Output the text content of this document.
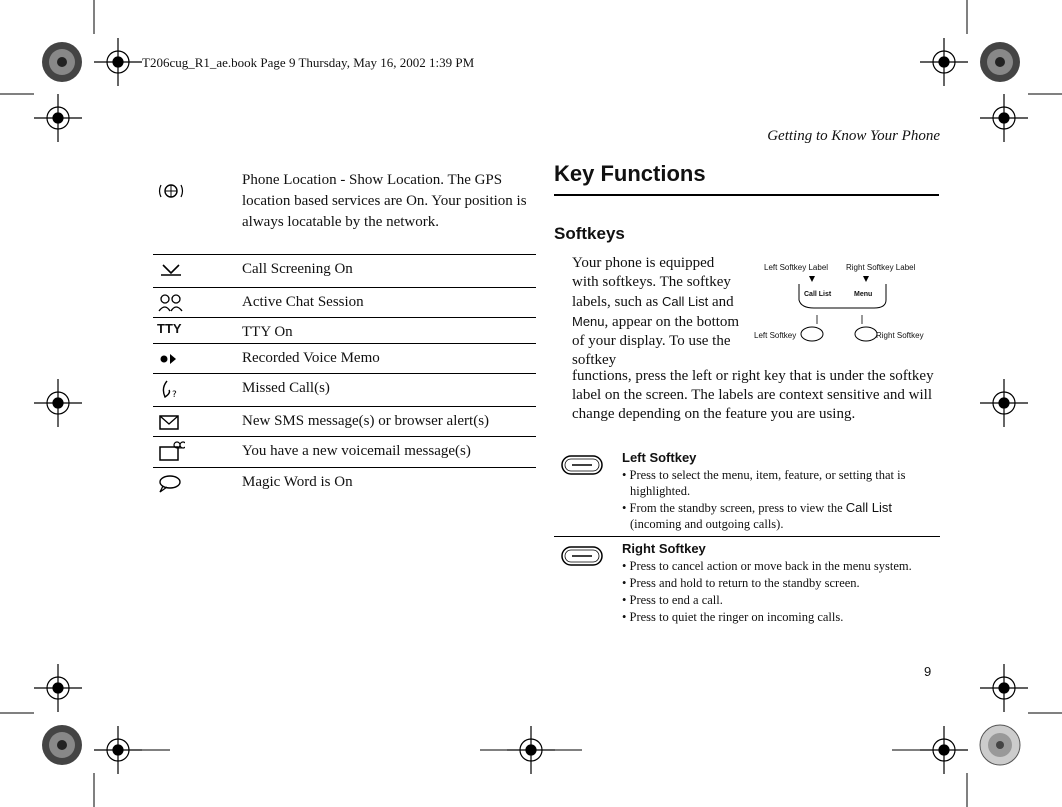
T206cug_R1_ae.book Page 9 Thursday, May 16, 2002 1:39 PM
Getting to Know Your Phone
Phone Location - Show Location. The GPS location based services are On. Your position is always locatable by the network.
Call Screening On
Active Chat Session
TTY	TTY On
Recorded Voice Memo
?	Missed Call(s)
New SMS message(s) or browser alert(s)
You have a new voicemail message(s)
Magic Word is On
Key Functions
Softkeys
Your phone is equipped with softkeys. The softkey labels, such as Call List and Menu, appear on the bottom of your display. To use the softkey
functions, press the left or right key that is under the softkey label on the screen. The labels are context sensitive and will change depending on the feature you are using.
Left Softkey Label Right Softkey Label
Call List	Menu
Left Softkey	Right Softkey
Left Softkey
• Press to select the menu, item, feature, or setting that is highlighted.
• From the standby screen, press to view the Call List (incoming and outgoing calls).
Right Softkey
• Press to cancel action or move back in the menu system.
• Press and hold to return to the standby screen.
• Press to end a call.
• Press to quiet the ringer on incoming calls.
9
